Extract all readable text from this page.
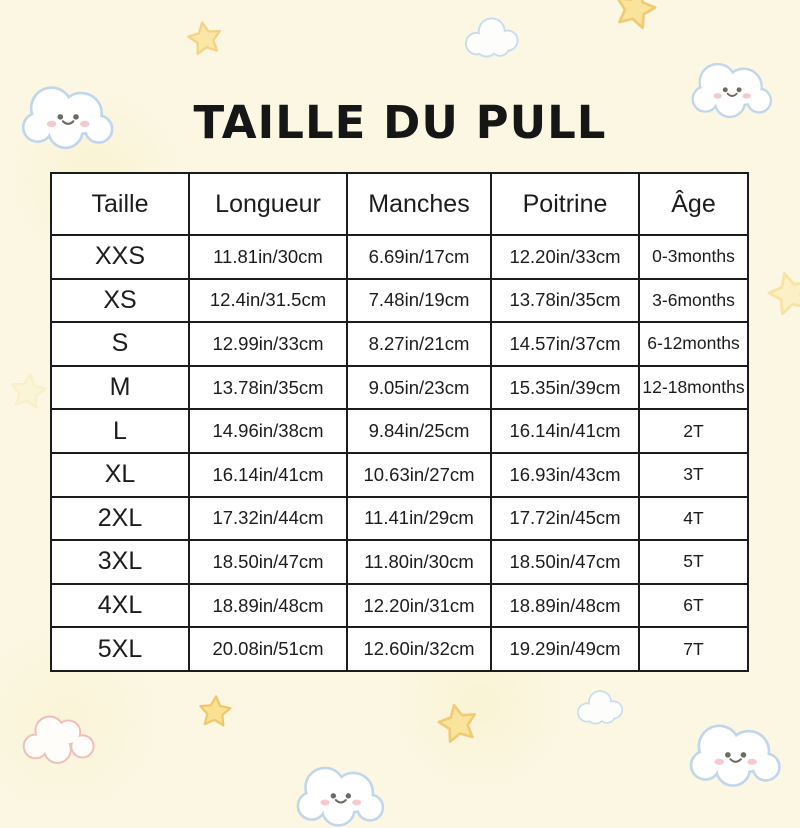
TAILLE DU PULL
Taille	Longueur	Manches	Poitrine	Âge
XXS	11.81in/30cm	6.69in/17cm	12.20in/33cm	0-3months
XS	12.4in/31.5cm	7.48in/19cm	13.78in/35cm	3-6months
S	12.99in/33cm	8.27in/21cm	14.57in/37cm	6-12months
M	13.78in/35cm	9.05in/23cm	15.35in/39cm	12-18months
L	14.96in/38cm	9.84in/25cm	16.14in/41cm	2T
XL	16.14in/41cm	10.63in/27cm	16.93in/43cm	3T
2XL	17.32in/44cm	11.41in/29cm	17.72in/45cm	4T
3XL	18.50in/47cm	11.80in/30cm	18.50in/47cm	5T
4XL	18.89in/48cm	12.20in/31cm	18.89in/48cm	6T
5XL	20.08in/51cm	12.60in/32cm	19.29in/49cm	7T
